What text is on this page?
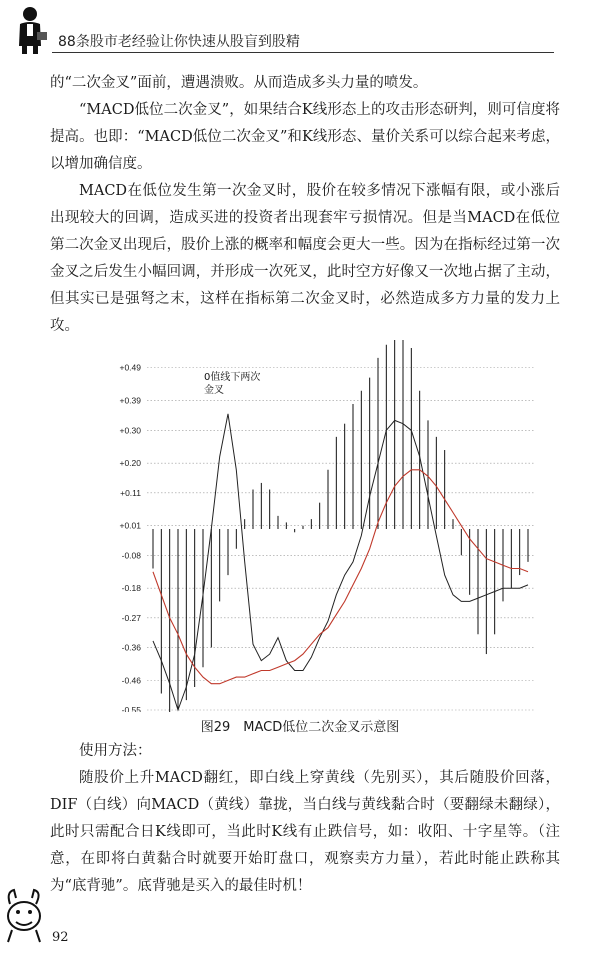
88条股市老经验让你快速从股盲到股精

的“二次金叉”面前，遭遇溃败。从而造成多头力量的喷发。

“MACD低位二次金叉”，如果结合K线形态上的攻击形态研判，则可信度将提高。也即：“MACD低位二次金叉”和K线形态、量价关系可以综合起来考虑，以增加确信度。

MACD在低位发生第一次金叉时，股价在较多情况下涨幅有限，或小涨后出现较大的回调，造成买进的投资者出现套牢亏损情况。但是当MACD在低位第二次金叉出现后，股价上涨的概率和幅度会更大一些。因为在指标经过第一次金叉之后发生小幅回调，并形成一次死叉，此时空方好像又一次地占据了主动，但其实已是强弩之末，这样在指标第二次金叉时，必然造成多方力量的发力上攻。

+0.49
+0.39
+0.30
+0.20
+0.11
+0.01
-0.08
-0.18
-0.27
-0.36
-0.46
-0.55
0值线下两次
金叉
图29　MACD低位二次金叉示意图

使用方法：

随股价上升MACD翻红，即白线上穿黄线（先别买），其后随股价回落，DIF（白线）向MACD（黄线）靠拢，当白线与黄线黏合时（要翻绿未翻绿），此时只需配合日K线即可，当此时K线有止跌信号，如：收阳、十字星等。（注意，在即将白黄黏合时就要开始盯盘口，观察卖方力量），若此时能止跌称其为“底背驰”。底背驰是买入的最佳时机！

92
